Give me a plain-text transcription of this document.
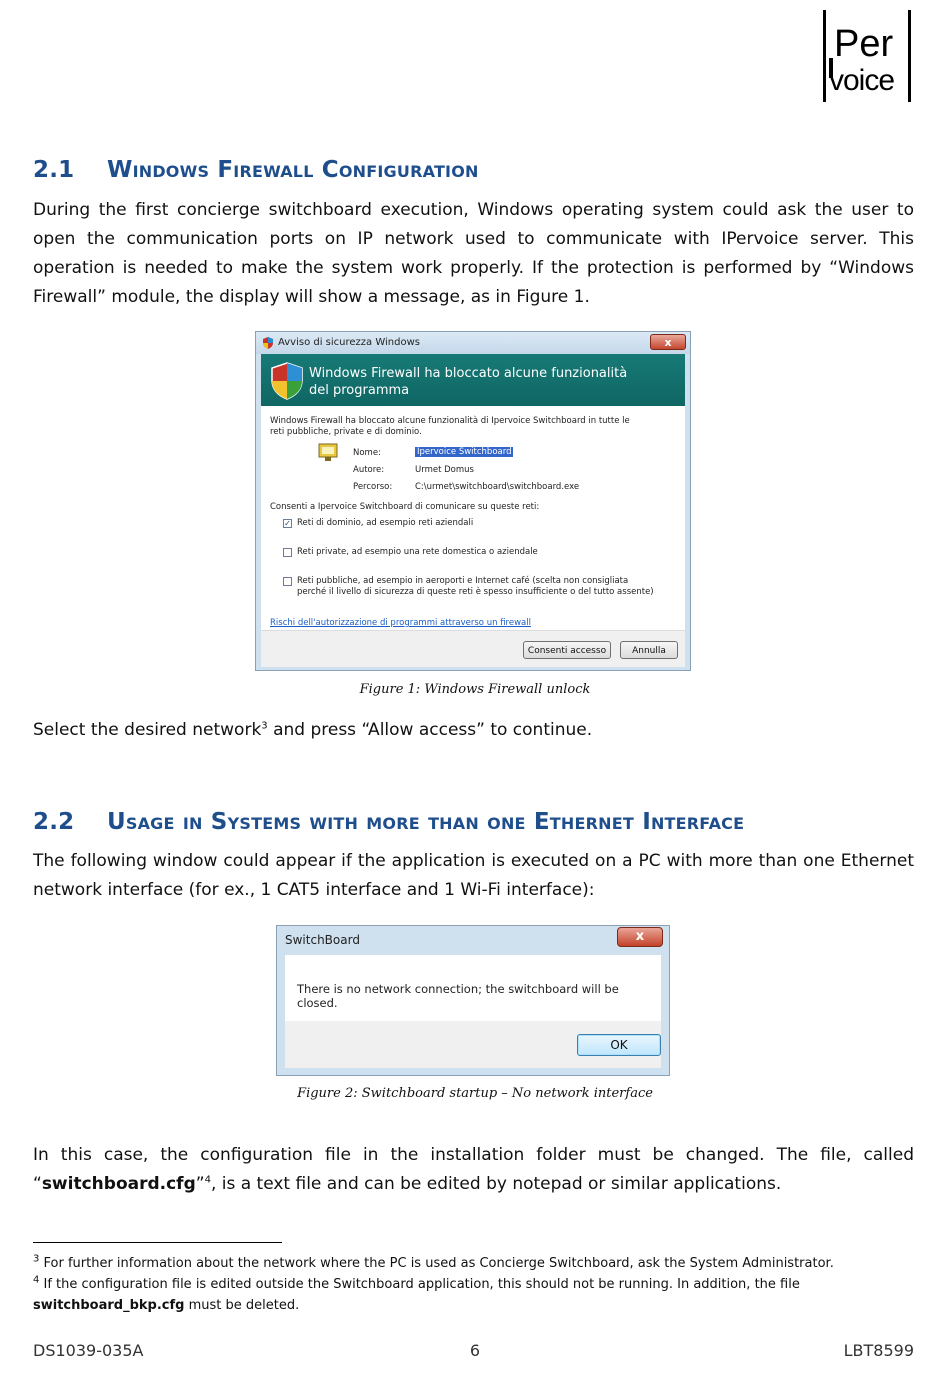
Per
voice
2.1 Windows Firewall Configuration
During the first concierge switchboard execution, Windows operating system could ask the user to open the communication ports on IP network used to communicate with IPervoice server. This operation is needed to make the system work properly. If the protection is performed by “Windows Firewall” module, the display will show a message, as in Figure 1.
Avviso di sicurezza Windows	x
Windows Firewall ha bloccato alcune funzionalità del programma
Windows Firewall ha bloccato alcune funzionalità di Ipervoice Switchboard in tutte le reti pubbliche, private e di dominio.
Nome:	Ipervoice Switchboard
Autore:	Urmet Domus
Percorso:	C:\urmet\switchboard\switchboard.exe
Consenti a Ipervoice Switchboard di comunicare su queste reti:
✓ Reti di dominio, ad esempio reti aziendali
Reti private, ad esempio una rete domestica o aziendale
Reti pubbliche, ad esempio in aeroporti e Internet café (scelta non consigliata perché il livello di sicurezza di queste reti è spesso insufficiente o del tutto assente)
Rischi dell'autorizzazione di programmi attraverso un firewall
Consenti accesso	Annulla
Figure 1: Windows Firewall unlock
Select the desired network$^3$ and press “Allow access” to continue.
2.2 Usage in Systems with more than one Ethernet Interface
The following window could appear if the application is executed on a PC with more than one Ethernet network interface (for ex., 1 CAT5 interface and 1 Wi-Fi interface):
SwitchBoard	x
There is no network connection; the switchboard will be closed.
OK
Figure 2: Switchboard startup – No network interface
In this case, the configuration file in the installation folder must be changed. The file, called “switchboard.cfg”$^4$, is a text file and can be edited by notepad or similar applications.
$^3$ For further information about the network where the PC is used as Concierge Switchboard, ask the System Administrator.
$^4$ If the configuration file is edited outside the Switchboard application, this should not be running. In addition, the file switchboard_bkp.cfg must be deleted.
DS1039-035A	6	LBT8599
